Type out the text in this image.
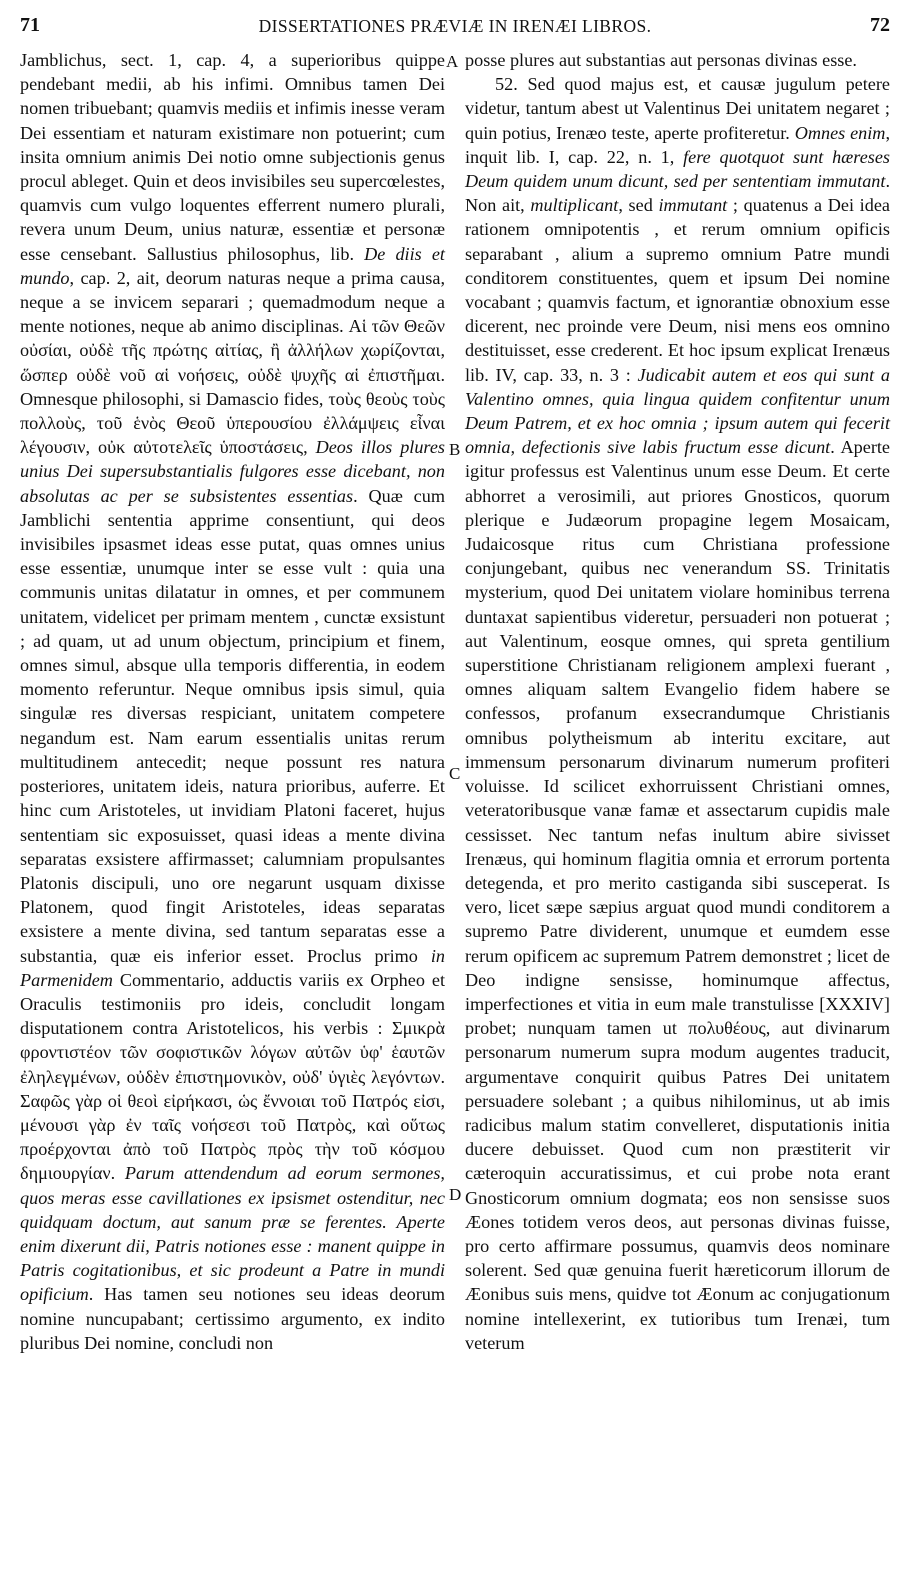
71	DISSERTATIONES PRÆVIÆ IN IRENÆI LIBROS.	72

Jamblichus, sect. 1, cap. 4, a superioribus quippe pendebant medii, ab his infimi. Omnibus tamen Dei nomen tribuebant; quamvis mediis et infimis inesse veram Dei essentiam et naturam existimare non potuerint; cum insita omnium animis Dei notio omne subjectionis genus procul ableget. Quin et deos invisibiles seu supercœlestes, quamvis cum vulgo loquentes efferrent numero plurali, revera unum Deum, unius naturæ, essentiæ et personæ esse censebant. Sallustius philosophus, lib. De diis et mundo, cap. 2, ait, deorum naturas neque a prima causa, neque a se invicem separari ; quemadmodum neque a mente notiones, neque ab animo disciplinas. Αἱ τῶν Θεῶν οὐσίαι, οὐδὲ τῆς πρώτης αἰτίας, ἢ ἀλλήλων χωρίζονται, ὥσπερ οὐδὲ νοῦ αἱ νοήσεις, οὐδὲ ψυχῆς αἱ ἐπιστῆμαι. Omnesque philosophi, si Damascio fides, τοὺς θεοὺς τοὺς πολλοὺς, τοῦ ἑνὸς Θεοῦ ὑπερουσίου ἐλλάμψεις εἶναι λέγουσιν, οὐκ αὐτοτελεῖς ὑποστάσεις, Deos illos plures unius Dei supersubstantialis fulgores esse dicebant, non absolutas ac per se subsistentes essentias. Quæ cum Jamblichi sententia apprime consentiunt, qui deos invisibiles ipsasmet ideas esse putat, quas omnes unius esse essentiæ, unumque inter se esse vult : quia una communis unitas dilatatur in omnes, et per communem unitatem, videlicet per primam mentem , cunctæ exsistunt ; ad quam, ut ad unum objectum, principium et finem, omnes simul, absque ulla temporis differentia, in eodem momento referuntur. Neque omnibus ipsis simul, quia singulæ res diversas respiciant, unitatem competere negandum est. Nam earum essentialis unitas rerum multitudinem antecedit; neque possunt res natura posteriores, unitatem ideis, natura prioribus, auferre. Et hinc cum Aristoteles, ut invidiam Platoni faceret, hujus sententiam sic exposuisset, quasi ideas a mente divina separatas exsistere affirmasset; calumniam propulsantes Platonis discipuli, uno ore negarunt usquam dixisse Platonem, quod fingit Aristoteles, ideas separatas exsistere a mente divina, sed tantum separatas esse a substantia, quæ eis inferior esset. Proclus primo in Parmenidem Commentario, adductis variis ex Orpheo et Oraculis testimoniis pro ideis, concludit longam disputationem contra Aristotelicos, his verbis : Σμικρὰ φροντιστέον τῶν σοφιστικῶν λόγων αὐτῶν ὑφ' ἑαυτῶν ἐληλεγμένων, οὐδὲν ἐπιστημονικὸν, οὐδ' ὑγιὲς λεγόντων. Σαφῶς γὰρ οἱ θεοὶ εἰρήκασι, ὡς ἔννοιαι τοῦ Πατρός εἰσι, μένουσι γὰρ ἐν ταῖς νοήσεσι τοῦ Πατρὸς, καὶ οὕτως προέρχονται ἀπὸ τοῦ Πατρὸς πρὸς τὴν τοῦ κόσμου δημιουργίαν. Parum attendendum ad eorum sermones, quos meras esse cavillationes ex ipsismet ostenditur, nec quidquam doctum, aut sanum præ se ferentes. Aperte enim dixerunt dii, Patris notiones esse : manent quippe in Patris cogitationibus, et sic prodeunt a Patre in mundi opificium. Has tamen seu notiones seu ideas deorum nomine nuncupabant; certissimo argumento, ex indito pluribus Dei nomine, concludi non

posse plures aut substantias aut personas divinas esse.

52. Sed quod majus est, et causæ jugulum petere videtur, tantum abest ut Valentinus Dei unitatem negaret ; quin potius, Irenæo teste, aperte profiteretur. Omnes enim, inquit lib. I, cap. 22, n. 1, fere quotquot sunt hæreses Deum quidem unum dicunt, sed per sententiam immutant. Non ait, multiplicant, sed immutant ; quatenus a Dei idea rationem omnipotentis , et rerum omnium opificis separabant , alium a supremo omnium Patre mundi conditorem constituentes, quem et ipsum Dei nomine vocabant ; quamvis factum, et ignorantiæ obnoxium esse dicerent, nec proinde vere Deum, nisi mens eos omnino destituisset, esse crederent. Et hoc ipsum explicat Irenæus lib. IV, cap. 33, n. 3 : Judicabit autem et eos qui sunt a Valentino omnes, quia lingua quidem confitentur unum Deum Patrem, et ex hoc omnia ; ipsum autem qui fecerit omnia, defectionis sive labis fructum esse dicunt. Aperte igitur professus est Valentinus unum esse Deum. Et certe abhorret a verosimili, aut priores Gnosticos, quorum plerique e Judæorum propagine legem Mosaicam, Judaicosque ritus cum Christiana professione conjungebant, quibus nec venerandum SS. Trinitatis mysterium, quod Dei unitatem violare hominibus terrena duntaxat sapientibus videretur, persuaderi non potuerat ; aut Valentinum, eosque omnes, qui spreta gentilium superstitione Christianam religionem amplexi fuerant , omnes aliquam saltem Evangelio fidem habere se confessos, profanum exsecrandumque Christianis omnibus polytheismum ab interitu excitare, aut immensum personarum divinarum numerum profiteri voluisse. Id scilicet exhorruissent Christiani omnes, veteratoribusque vanæ famæ et assectarum cupidis male cessisset. Nec tantum nefas inultum abire sivisset Irenæus, qui hominum flagitia omnia et errorum portenta detegenda, et pro merito castiganda sibi susceperat. Is vero, licet sæpe sæpius arguat quod mundi conditorem a supremo Patre dividerent, unumque et eumdem esse rerum opificem ac supremum Patrem demonstret ; licet de Deo indigne sensisse, hominumque affectus, imperfectiones et vitia in eum male transtulisse [XXXIV] probet; nunquam tamen ut πολυθέους, aut divinarum personarum numerum supra modum augentes traducit, argumentave conquirit quibus Patres Dei unitatem persuadere solebant ; a quibus nihilominus, ut ab imis radicibus malum statim convelleret, disputationis initia ducere debuisset. Quod cum non præstiterit vir cæteroquin accuratissimus, et cui probe nota erant Gnosticorum omnium dogmata; eos non sensisse suos Æones totidem veros deos, aut personas divinas fuisse, pro certo affirmare possumus, quamvis deos nominare solerent. Sed quæ genuina fuerit hæreticorum illorum de Æonibus suis mens, quidve tot Æonum ac conjugationum nomine intellexerint, ex tutioribus tum Irenæi, tum veterum

A
B
C
D
